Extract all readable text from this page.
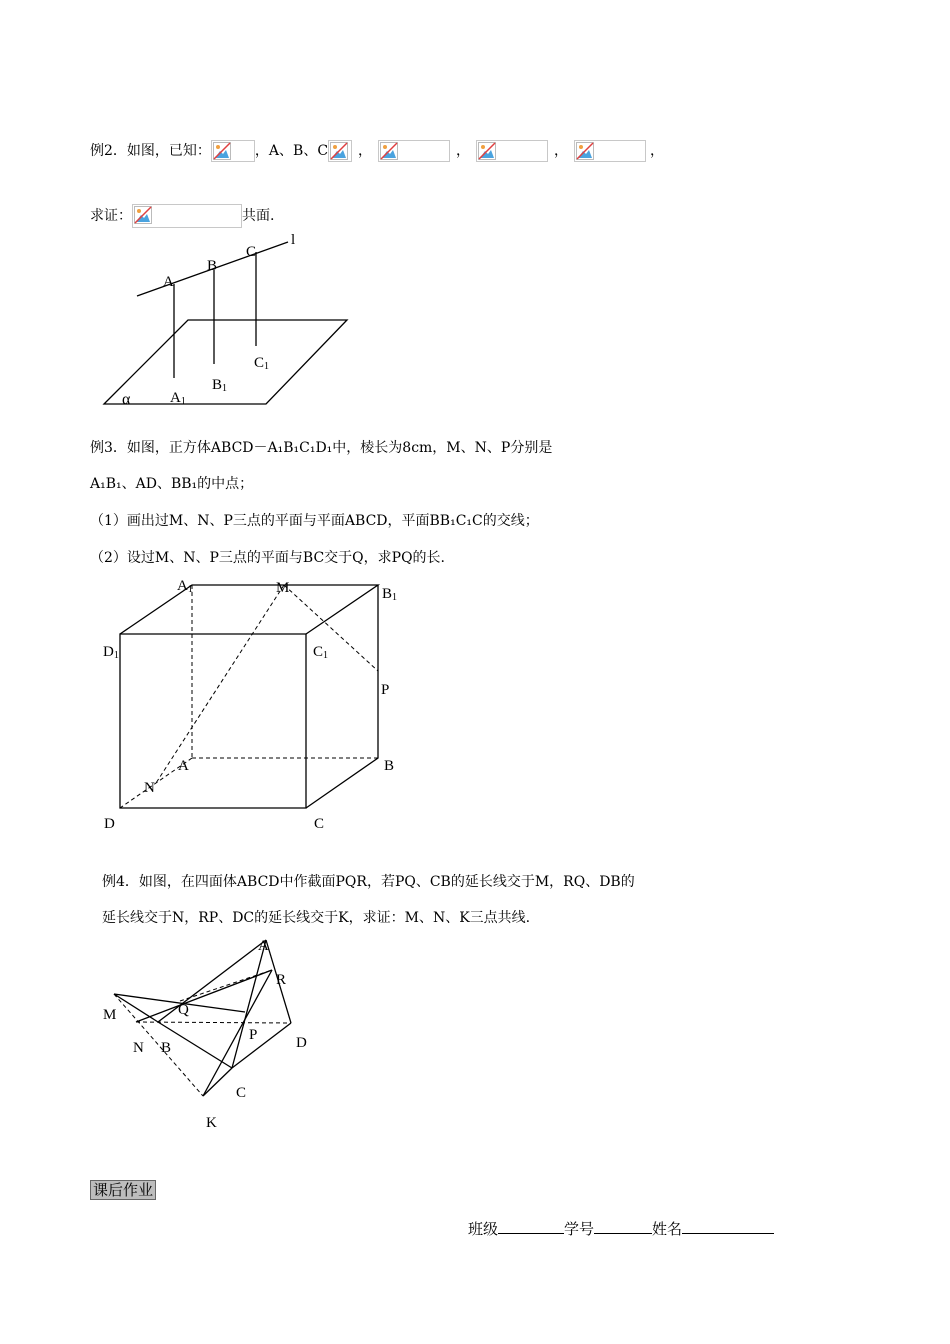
例2．如图，已知：	，A、B、C ，	，	，	，
求证：	共面.
l
A
B
C
C1
B1
A1
α
例3．如图，正方体ABCD－A₁B₁C₁D₁中，棱长为8cm，M、N、P分别是
A₁B₁、AD、BB₁的中点；
（1）画出过M、N、P三点的平面与平面ABCD，平面BB₁C₁C的交线；
（2）设过M、N、P三点的平面与BC交于Q，求PQ的长.
A1	M	B1
D1	C1
P
A	B
N
D	C
例4．如图，在四面体ABCD中作截面PQR，若PQ、CB的延长线交于M，RQ、DB的
延长线交于N，RP、DC的延长线交于K，求证：M、N、K三点共线.
A
R
M	Q
P	D
N B
C
K
课后作业
班级	学号	姓名
